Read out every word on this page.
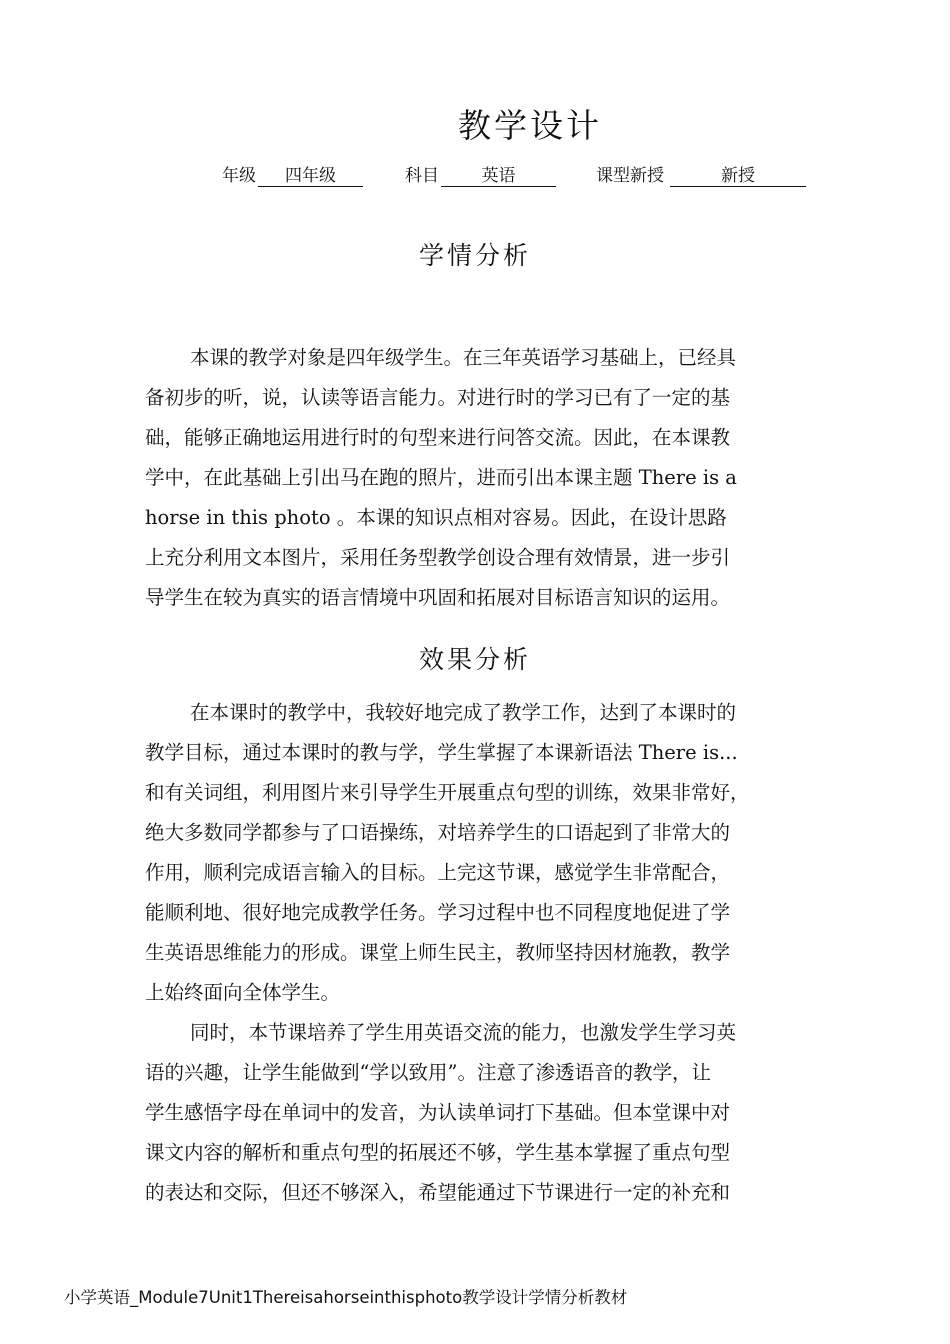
教学设计
年级	四年级	科目	英语	课型新授	新授
学情分析
本课的教学对象是四年级学生。在三年英语学习基础上，已经具
备初步的听，说，认读等语言能力。对进行时的学习已有了一定的基
础，能够正确地运用进行时的句型来进行问答交流。因此，在本课教
学中，在此基础上引出马在跑的照片，进而引出本课主题 There is a
horse in this photo 。本课的知识点相对容易。因此，在设计思路
上充分利用文本图片，采用任务型教学创设合理有效情景，进一步引
导学生在较为真实的语言情境中巩固和拓展对目标语言知识的运用。
效果分析
在本课时的教学中，我较好地完成了教学工作，达到了本课时的
教学目标，通过本课时的教与学，学生掌握了本课新语法 There is...
和有关词组，利用图片来引导学生开展重点句型的训练，效果非常好，
绝大多数同学都参与了口语操练，对培养学生的口语起到了非常大的
作用，顺利完成语言输入的目标。上完这节课，感觉学生非常配合，
能顺利地、很好地完成教学任务。学习过程中也不同程度地促进了学
生英语思维能力的形成。课堂上师生民主，教师坚持因材施教，教学
上始终面向全体学生。
同时，本节课培养了学生用英语交流的能力，也激发学生学习英
语的兴趣，让学生能做到“学以致用”。注意了渗透语音的教学，让
学生感悟字母在单词中的发音，为认读单词打下基础。但本堂课中对
课文内容的解析和重点句型的拓展还不够，学生基本掌握了重点句型
的表达和交际，但还不够深入，希望能通过下节课进行一定的补充和
小学英语_Module7Unit1Thereisahorseinthisphoto教学设计学情分析教材
